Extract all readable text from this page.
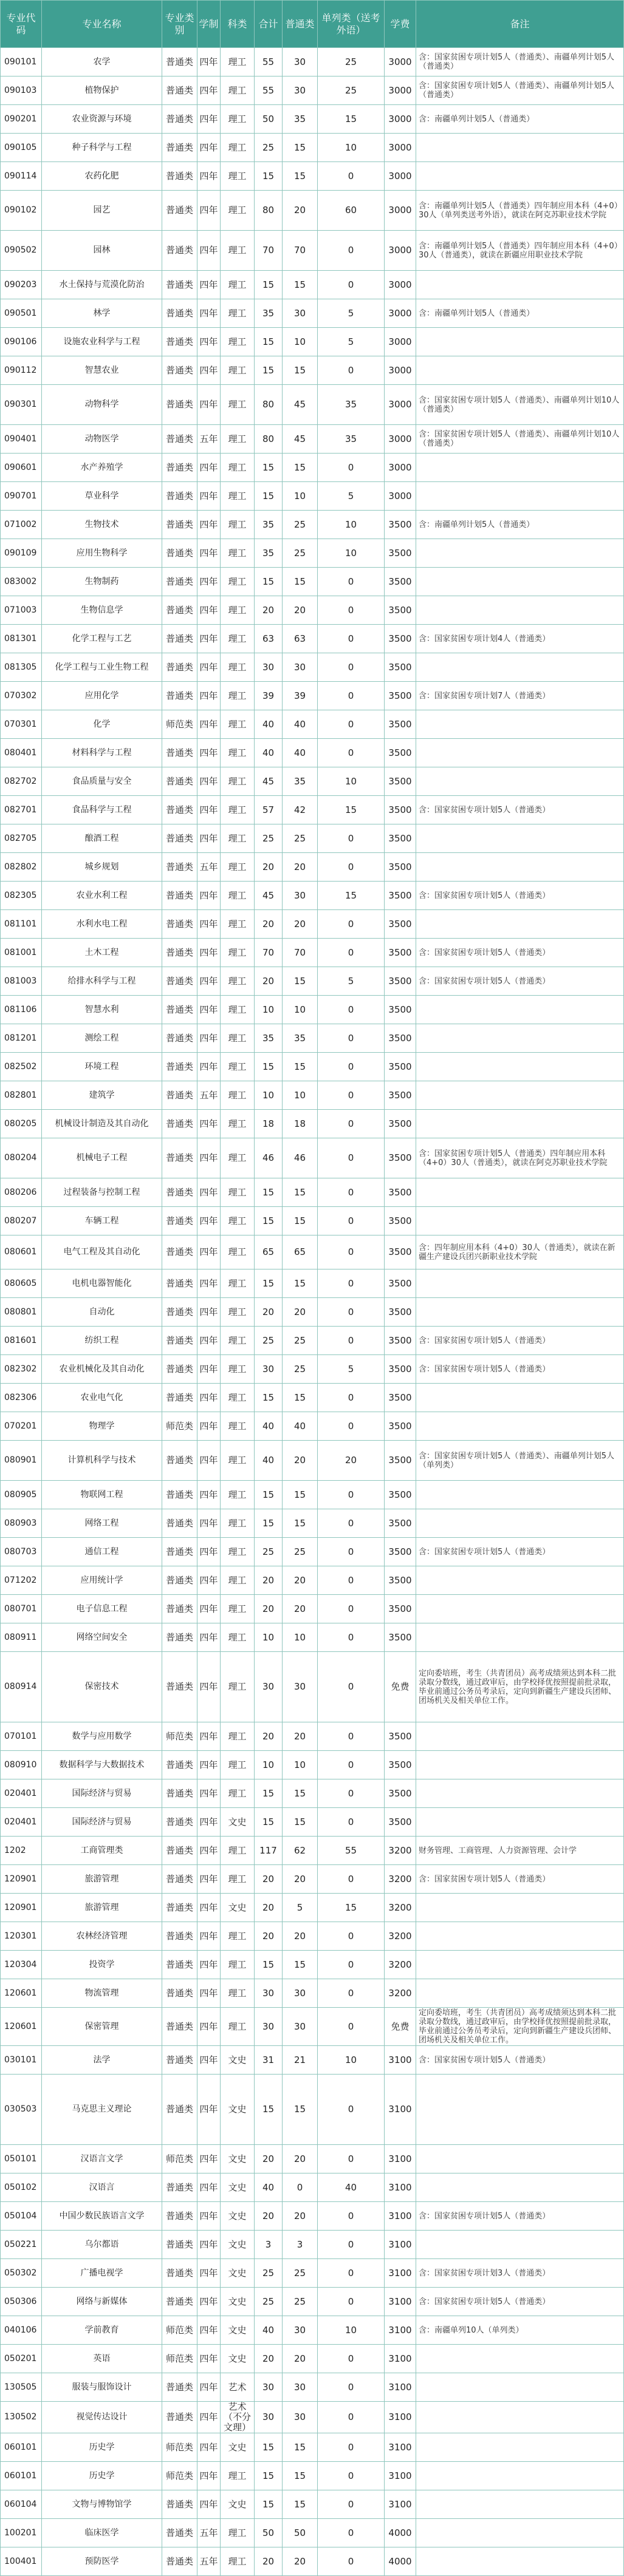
专业代码	专业名称	专业类别	学制	科类	合计	普通类	单列类（送考外语）	学费	备注
090101	农学	普通类	四年	理工	55	30	25	3000	含：国家贫困专项计划5人（普通类）、南疆单列计划5人（普通类）
090103	植物保护	普通类	四年	理工	55	30	25	3000	含：国家贫困专项计划5人（普通类）、南疆单列计划5人（普通类）
090201	农业资源与环境	普通类	四年	理工	50	35	15	3000	含：南疆单列计划5人（普通类）
090105	种子科学与工程	普通类	四年	理工	25	15	10	3000	
090114	农药化肥	普通类	四年	理工	15	15	0	3000	
090102	园艺	普通类	四年	理工	80	20	60	3000	含：南疆单列计划5人（普通类）四年制应用本科（4+0）30人（单列类送考外语），就读在阿克苏职业技术学院
090502	园林	普通类	四年	理工	70	70	0	3000	含：南疆单列计划5人（普通类）四年制应用本科（4+0）30人（普通类），就读在新疆应用职业技术学院
090203	水土保持与荒漠化防治	普通类	四年	理工	15	15	0	3000	
090501	林学	普通类	四年	理工	35	30	5	3000	含：南疆单列计划5人（普通类）
090106	设施农业科学与工程	普通类	四年	理工	15	10	5	3000	
090112	智慧农业	普通类	四年	理工	15	15	0	3000	
090301	动物科学	普通类	四年	理工	80	45	35	3000	含：国家贫困专项计划5人（普通类）、南疆单列计划10人（普通类）
090401	动物医学	普通类	五年	理工	80	45	35	3000	含：国家贫困专项计划5人（普通类）、南疆单列计划10人（普通类）
090601	水产养殖学	普通类	四年	理工	15	15	0	3000	
090701	草业科学	普通类	四年	理工	15	10	5	3000	
071002	生物技术	普通类	四年	理工	35	25	10	3500	含：南疆单列计划5人（普通类）
090109	应用生物科学	普通类	四年	理工	35	25	10	3500	
083002	生物制药	普通类	四年	理工	15	15	0	3500	
071003	生物信息学	普通类	四年	理工	20	20	0	3500	
081301	化学工程与工艺	普通类	四年	理工	63	63	0	3500	含：国家贫困专项计划4人（普通类）
081305	化学工程与工业生物工程	普通类	四年	理工	30	30	0	3500	
070302	应用化学	普通类	四年	理工	39	39	0	3500	含：国家贫困专项计划7人（普通类）
070301	化学	师范类	四年	理工	40	40	0	3500	
080401	材料科学与工程	普通类	四年	理工	40	40	0	3500	
082702	食品质量与安全	普通类	四年	理工	45	35	10	3500	
082701	食品科学与工程	普通类	四年	理工	57	42	15	3500	含：国家贫困专项计划5人（普通类）
082705	酿酒工程	普通类	四年	理工	25	25	0	3500	
082802	城乡规划	普通类	五年	理工	20	20	0	3500	
082305	农业水利工程	普通类	四年	理工	45	30	15	3500	含：国家贫困专项计划5人（普通类）
081101	水利水电工程	普通类	四年	理工	20	20	0	3500	
081001	土木工程	普通类	四年	理工	70	70	0	3500	含：国家贫困专项计划5人（普通类）
081003	给排水科学与工程	普通类	四年	理工	20	15	5	3500	含：国家贫困专项计划5人（普通类）
081106	智慧水利	普通类	四年	理工	10	10	0	3500	
081201	测绘工程	普通类	四年	理工	35	35	0	3500	
082502	环境工程	普通类	四年	理工	15	15	0	3500	
082801	建筑学	普通类	五年	理工	10	10	0	3500	
080205	机械设计制造及其自动化	普通类	四年	理工	18	18	0	3500	
080204	机械电子工程	普通类	四年	理工	46	46	0	3500	含：国家贫困专项计划5人（普通类）四年制应用本科（4+0）30人（普通类），就读在阿克苏职业技术学院
080206	过程装备与控制工程	普通类	四年	理工	15	15	0	3500	
080207	车辆工程	普通类	四年	理工	15	15	0	3500	
080601	电气工程及其自动化	普通类	四年	理工	65	65	0	3500	含：四年制应用本科（4+0）30人（普通类），就读在新疆生产建设兵团兴新职业技术学院
080605	电机电器智能化	普通类	四年	理工	15	15	0	3500	
080801	自动化	普通类	四年	理工	20	20	0	3500	
081601	纺织工程	普通类	四年	理工	25	25	0	3500	含：国家贫困专项计划5人（普通类）
082302	农业机械化及其自动化	普通类	四年	理工	30	25	5	3500	含：国家贫困专项计划5人（普通类）
082306	农业电气化	普通类	四年	理工	15	15	0	3500	
070201	物理学	师范类	四年	理工	40	40	0	3500	
080901	计算机科学与技术	普通类	四年	理工	40	20	20	3500	含：国家贫困专项计划5人（普通类）、南疆单列计划5人（单列类）
080905	物联网工程	普通类	四年	理工	15	15	0	3500	
080903	网络工程	普通类	四年	理工	15	15	0	3500	
080703	通信工程	普通类	四年	理工	25	25	0	3500	含：国家贫困专项计划5人（普通类）
071202	应用统计学	普通类	四年	理工	20	20	0	3500	
080701	电子信息工程	普通类	四年	理工	20	20	0	3500	
080911	网络空间安全	普通类	四年	理工	10	10	0	3500	
080914	保密技术	普通类	四年	理工	30	30	0	免费	定向委培班，考生（共青团员）高考成绩须达到本科二批录取分数线，通过政审后，由学校择优按照提前批录取，毕业前通过公务员考录后，定向到新疆生产建设兵团师、团场机关及相关单位工作。
070101	数学与应用数学	师范类	四年	理工	20	20	0	3500	
080910	数据科学与大数据技术	普通类	四年	理工	10	10	0	3500	
020401	国际经济与贸易	普通类	四年	理工	15	15	0	3500	
020401	国际经济与贸易	普通类	四年	文史	15	15	0	3500	
1202	工商管理类	普通类	四年	理工	117	62	55	3200	财务管理、工商管理、人力资源管理、会计学
120901	旅游管理	普通类	四年	理工	20	20	0	3200	含：国家贫困专项计划5人（普通类）
120901	旅游管理	普通类	四年	文史	20	5	15	3200	
120301	农林经济管理	普通类	四年	理工	20	20	0	3200	
120304	投资学	普通类	四年	理工	15	15	0	3200	
120601	物流管理	普通类	四年	理工	30	30	0	3200	
120601	保密管理	普通类	四年	理工	30	30	0	免费	定向委培班，考生（共青团员）高考成绩须达到本科二批录取分数线，通过政审后，由学校择优按照提前批录取，毕业前通过公务员考录后，定向到新疆生产建设兵团师、团场机关及相关单位工作。
030101	法学	普通类	四年	文史	31	21	10	3100	含：国家贫困专项计划5人（普通类）
030503	马克思主义理论	普通类	四年	文史	15	15	0	3100	
050101	汉语言文学	师范类	四年	文史	20	20	0	3100	
050102	汉语言	普通类	四年	文史	40	0	40	3100	
050104	中国少数民族语言文学	普通类	四年	文史	20	20	0	3100	含：国家贫困专项计划5人（普通类）
050221	乌尔都语	普通类	四年	文史	3	3	0	3100	
050302	广播电视学	普通类	四年	文史	25	25	0	3100	含：国家贫困专项计划3人（普通类）
050306	网络与新媒体	普通类	四年	文史	25	25	0	3100	含：国家贫困专项计划5人（普通类）
040106	学前教育	师范类	四年	文史	40	30	10	3100	含：南疆单列10人（单列类）
050201	英语	师范类	四年	文史	20	20	0	3100	
130505	服装与服饰设计	普通类	四年	艺术	30	30	0	3100	
130502	视觉传达设计	普通类	四年	艺术（不分文理）	30	30	0	3100	
060101	历史学	师范类	四年	文史	15	15	0	3100	
060101	历史学	师范类	四年	理工	15	15	0	3100	
060104	文物与博物馆学	普通类	四年	文史	15	15	0	3100	
100201	临床医学	普通类	五年	理工	50	50	0	4000	
100401	预防医学	普通类	五年	理工	20	20	0	4000	
